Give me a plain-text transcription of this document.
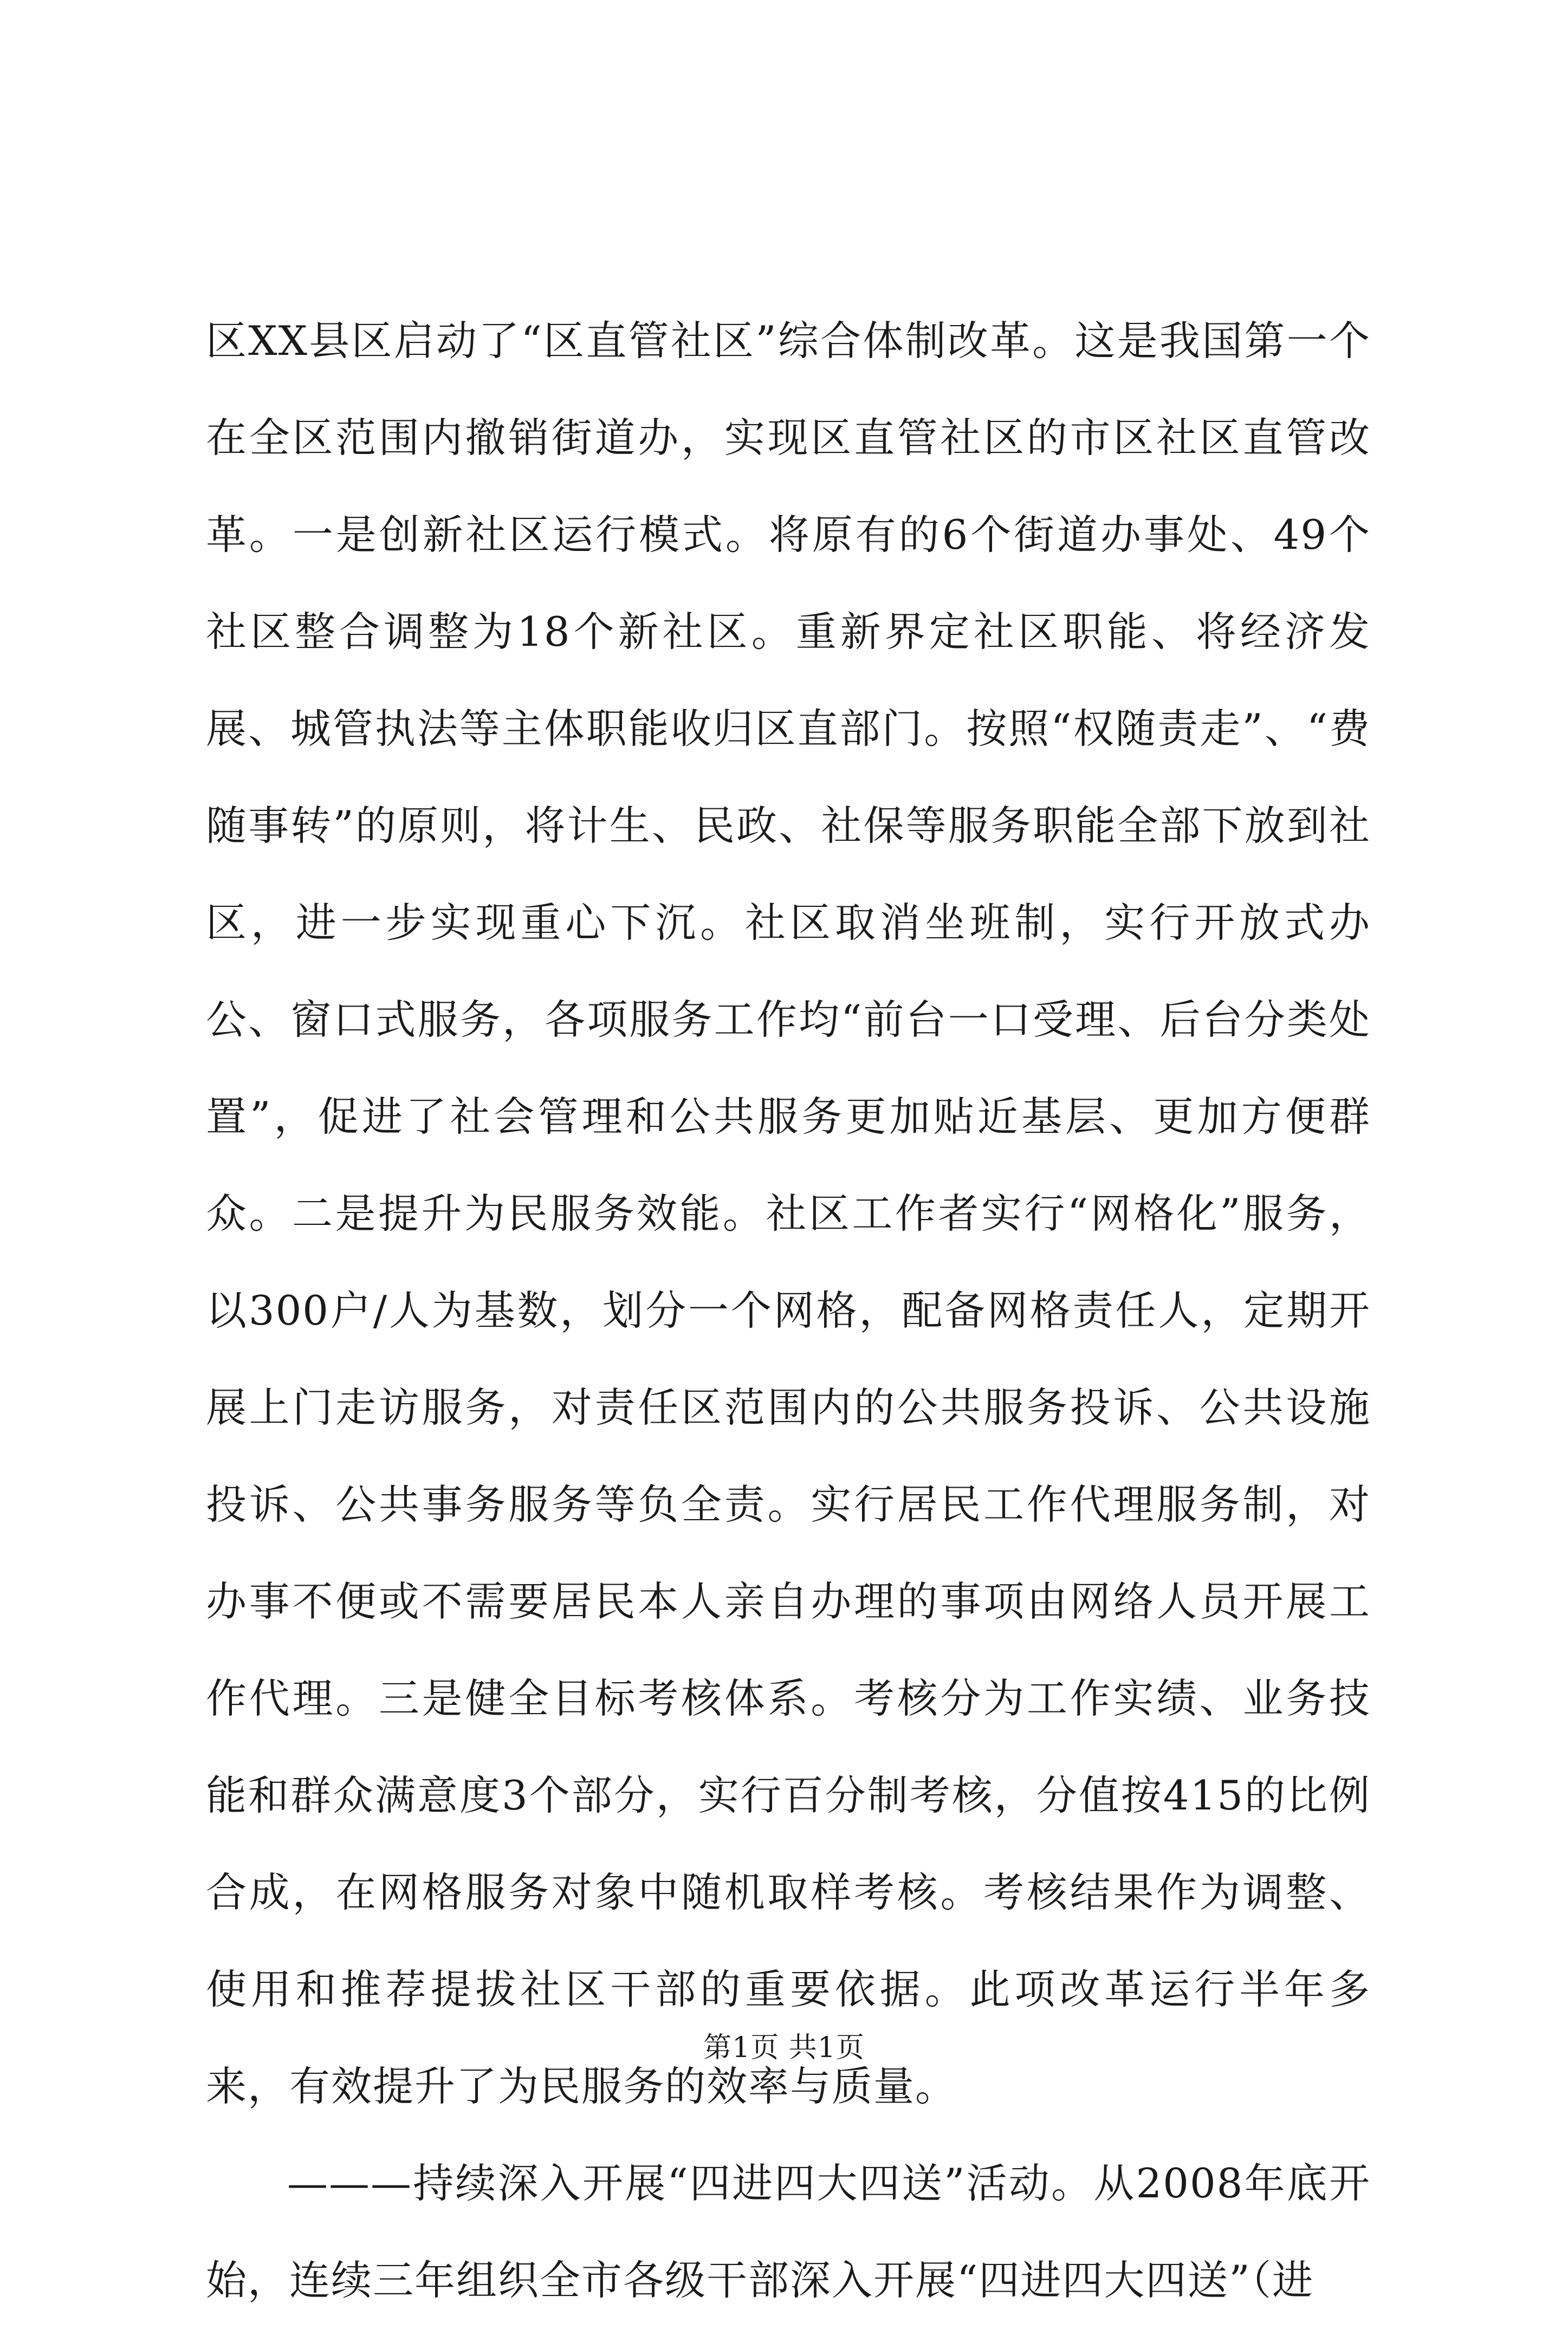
区XX县区启动了“区直管社区”综合体制改革。这是我国第一个在全区范围内撤销街道办，实现区直管社区的市区社区直管改革。一是创新社区运行模式。将原有的6个街道办事处、49个社区整合调整为18个新社区。重新界定社区职能、将经济发展、城管执法等主体职能收归区直部门。按照“权随责走”、“费随事转”的原则，将计生、民政、社保等服务职能全部下放到社区，进一步实现重心下沉。社区取消坐班制，实行开放式办公、窗口式服务，各项服务工作均“前台一口受理、后台分类处置”，促进了社会管理和公共服务更加贴近基层、更加方便群众。二是提升为民服务效能。社区工作者实行“网格化”服务，以300户/人为基数，划分一个网格，配备网格责任人，定期开展上门走访服务，对责任区范围内的公共服务投诉、公共设施投诉、公共事务服务等负全责。实行居民工作代理服务制，对办事不便或不需要居民本人亲自办理的事项由网络人员开展工作代理。三是健全目标考核体系。考核分为工作实绩、业务技能和群众满意度3个部分，实行百分制考核，分值按415的比例合成，在网格服务对象中随机取样考核。考核结果作为调整、使用和推荐提拔社区干部的重要依据。此项改革运行半年多来，有效提升了为民服务的效率与质量。

———持续深入开展“四进四大四送”活动。从2008年底开始，连续三年组织全市各级干部深入开展“四进四大四送”（进

第1页 共1页
